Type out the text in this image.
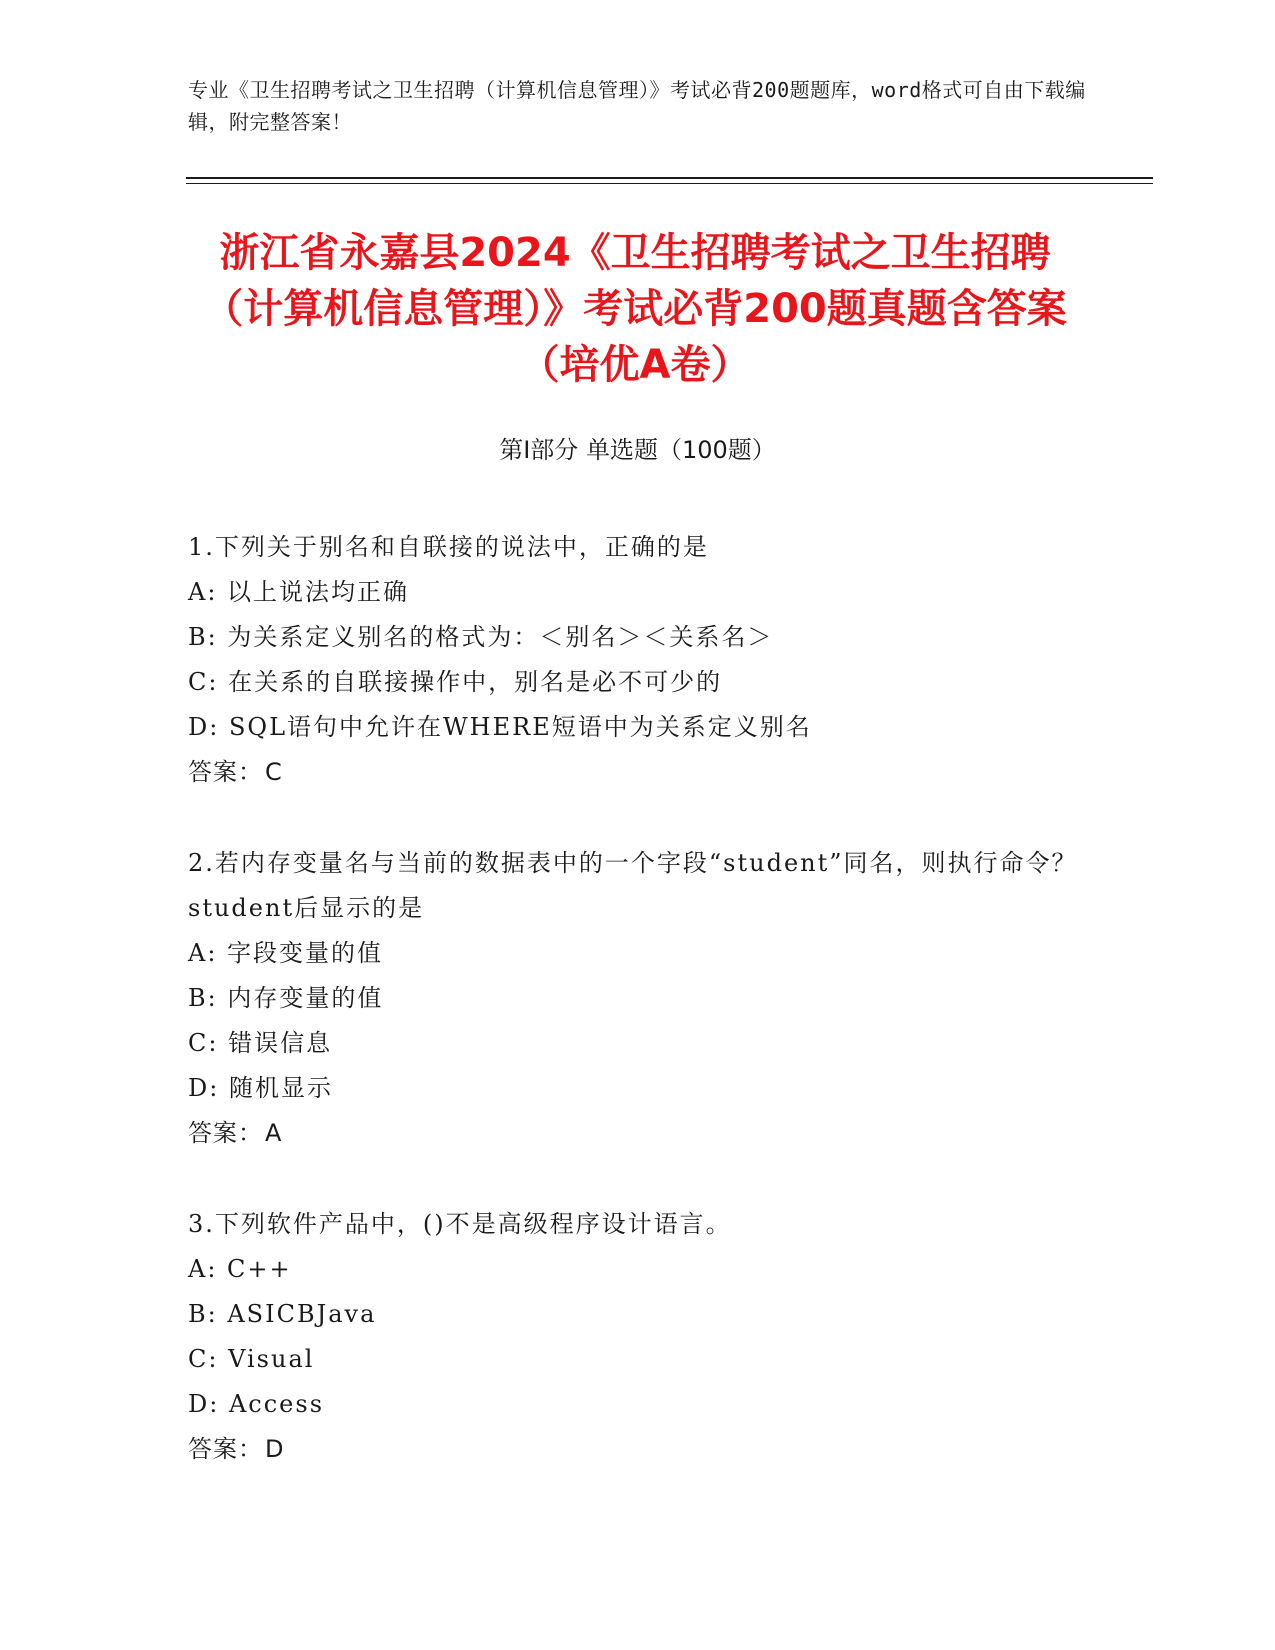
专业《卫生招聘考试之卫生招聘（计算机信息管理）》考试必背200题题库，word格式可自由下载编辑，附完整答案！
浙江省永嘉县2024《卫生招聘考试之卫生招聘（计算机信息管理）》考试必背200题真题含答案（培优A卷）
第I部分 单选题（100题）
1.下列关于别名和自联接的说法中，正确的是
A: 以上说法均正确
B: 为关系定义别名的格式为：＜别名＞＜关系名＞
C: 在关系的自联接操作中，别名是必不可少的
D: SQL语句中允许在WHERE短语中为关系定义别名
答案：C
2.若内存变量名与当前的数据表中的一个字段“student”同名，则执行命令？student后显示的是
A: 字段变量的值
B: 内存变量的值
C: 错误信息
D: 随机显示
答案：A
3.下列软件产品中，()不是高级程序设计语言。
A: C++
B: ASICBJava
C: Visual
D: Access
答案：D
